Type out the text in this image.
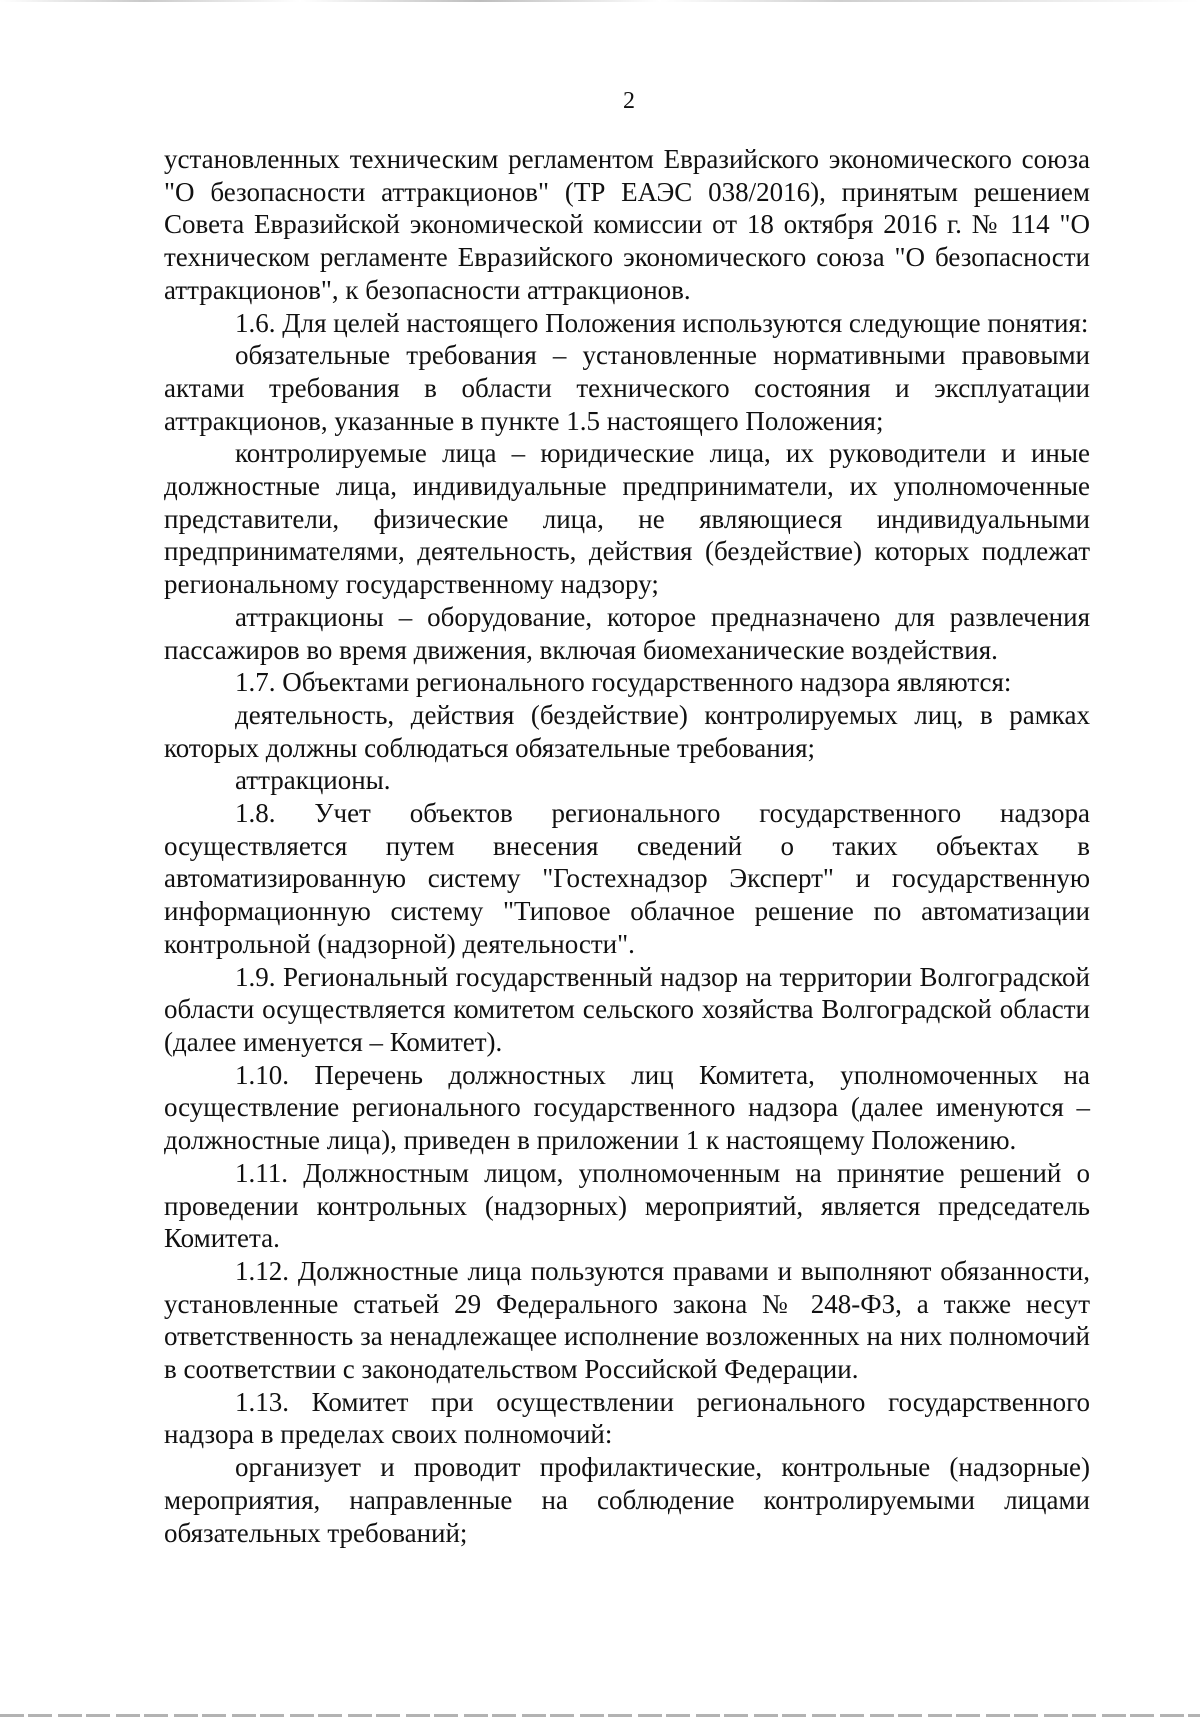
2

установленных техническим регламентом Евразийского экономического союза "О безопасности аттракционов" (ТР ЕАЭС 038/2016), принятым решением Совета Евразийской экономической комиссии от 18 октября 2016 г. № 114 "О техническом регламенте Евразийского экономического союза "О безопасности аттракционов", к безопасности аттракционов.

1.6. Для целей настоящего Положения используются следующие понятия:

обязательные требования – установленные нормативными правовыми актами требования в области технического состояния и эксплуатации аттракционов, указанные в пункте 1.5 настоящего Положения;

контролируемые лица – юридические лица, их руководители и иные должностные лица, индивидуальные предприниматели, их уполномоченные представители, физические лица, не являющиеся индивидуальными предпринимателями, деятельность, действия (бездействие) которых подлежат региональному государственному надзору;

аттракционы – оборудование, которое предназначено для развлечения пассажиров во время движения, включая биомеханические воздействия.

1.7. Объектами регионального государственного надзора являются:

деятельность, действия (бездействие) контролируемых лиц, в рамках которых должны соблюдаться обязательные требования;

аттракционы.

1.8. Учет объектов регионального государственного надзора осуществляется путем внесения сведений о таких объектах в автоматизированную систему "Гостехнадзор Эксперт" и государственную информационную систему "Типовое облачное решение по автоматизации контрольной (надзорной) деятельности".

1.9. Региональный государственный надзор на территории Волгоградской области осуществляется комитетом сельского хозяйства Волгоградской области (далее именуется – Комитет).

1.10. Перечень должностных лиц Комитета, уполномоченных на осуществление регионального государственного надзора (далее именуются – должностные лица), приведен в приложении 1 к настоящему Положению.

1.11. Должностным лицом, уполномоченным на принятие решений о проведении контрольных (надзорных) мероприятий, является председатель Комитета.

1.12. Должностные лица пользуются правами и выполняют обязанности, установленные статьей 29 Федерального закона № 248-ФЗ, а также несут ответственность за ненадлежащее исполнение возложенных на них полномочий в соответствии с законодательством Российской Федерации.

1.13. Комитет при осуществлении регионального государственного надзора в пределах своих полномочий:

организует и проводит профилактические, контрольные (надзорные) мероприятия, направленные на соблюдение контролируемыми лицами обязательных требований;
